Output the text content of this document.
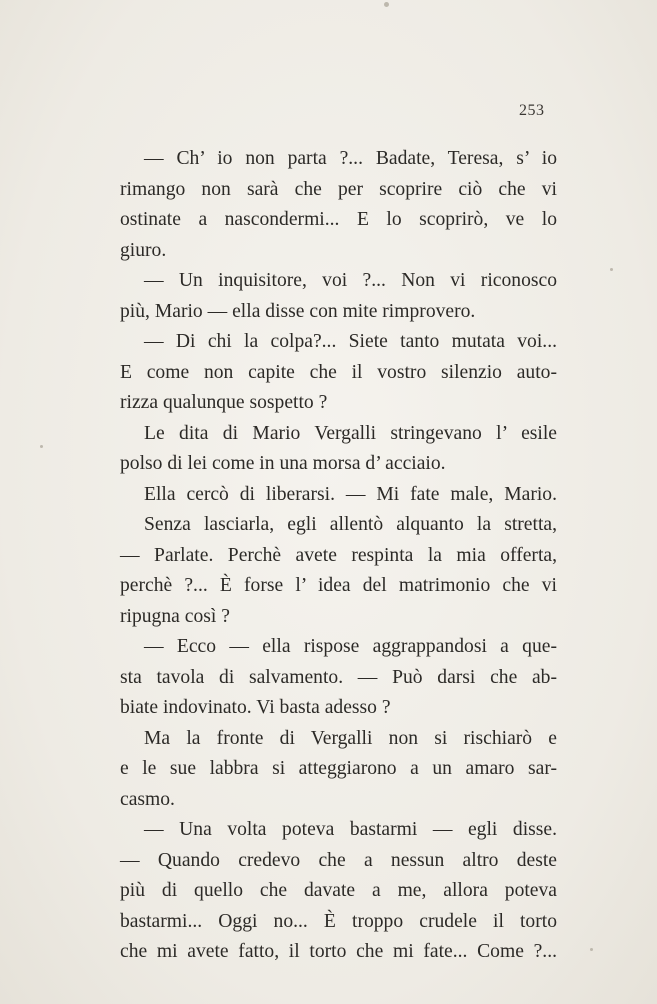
253
— Ch’ io non parta ?... Badate, Teresa, s’ io
rimango non sarà che per scoprire ciò che vi
ostinate a nascondermi... E lo scoprirò, ve lo
giuro.
— Un inquisitore, voi ?... Non vi riconosco
più, Mario — ella disse con mite rimprovero.
— Di chi la colpa?... Siete tanto mutata voi...
E come non capite che il vostro silenzio auto-
rizza qualunque sospetto ?
Le dita di Mario Vergalli stringevano l’ esile
polso di lei come in una morsa d’ acciaio.
Ella cercò di liberarsi. — Mi fate male, Mario.
Senza lasciarla, egli allentò alquanto la stretta,
— Parlate. Perchè avete respinta la mia offerta,
perchè ?... È forse l’ idea del matrimonio che vi
ripugna così ?
— Ecco — ella rispose aggrappandosi a que-
sta tavola di salvamento. — Può darsi che ab-
biate indovinato. Vi basta adesso ?
Ma la fronte di Vergalli non si rischiarò e
e le sue labbra si atteggiarono a un amaro sar-
casmo.
— Una volta poteva bastarmi — egli disse.
— Quando credevo che a nessun altro deste
più di quello che davate a me, allora poteva
bastarmi... Oggi no... È troppo crudele il torto
che mi avete fatto, il torto che mi fate... Come ?...
